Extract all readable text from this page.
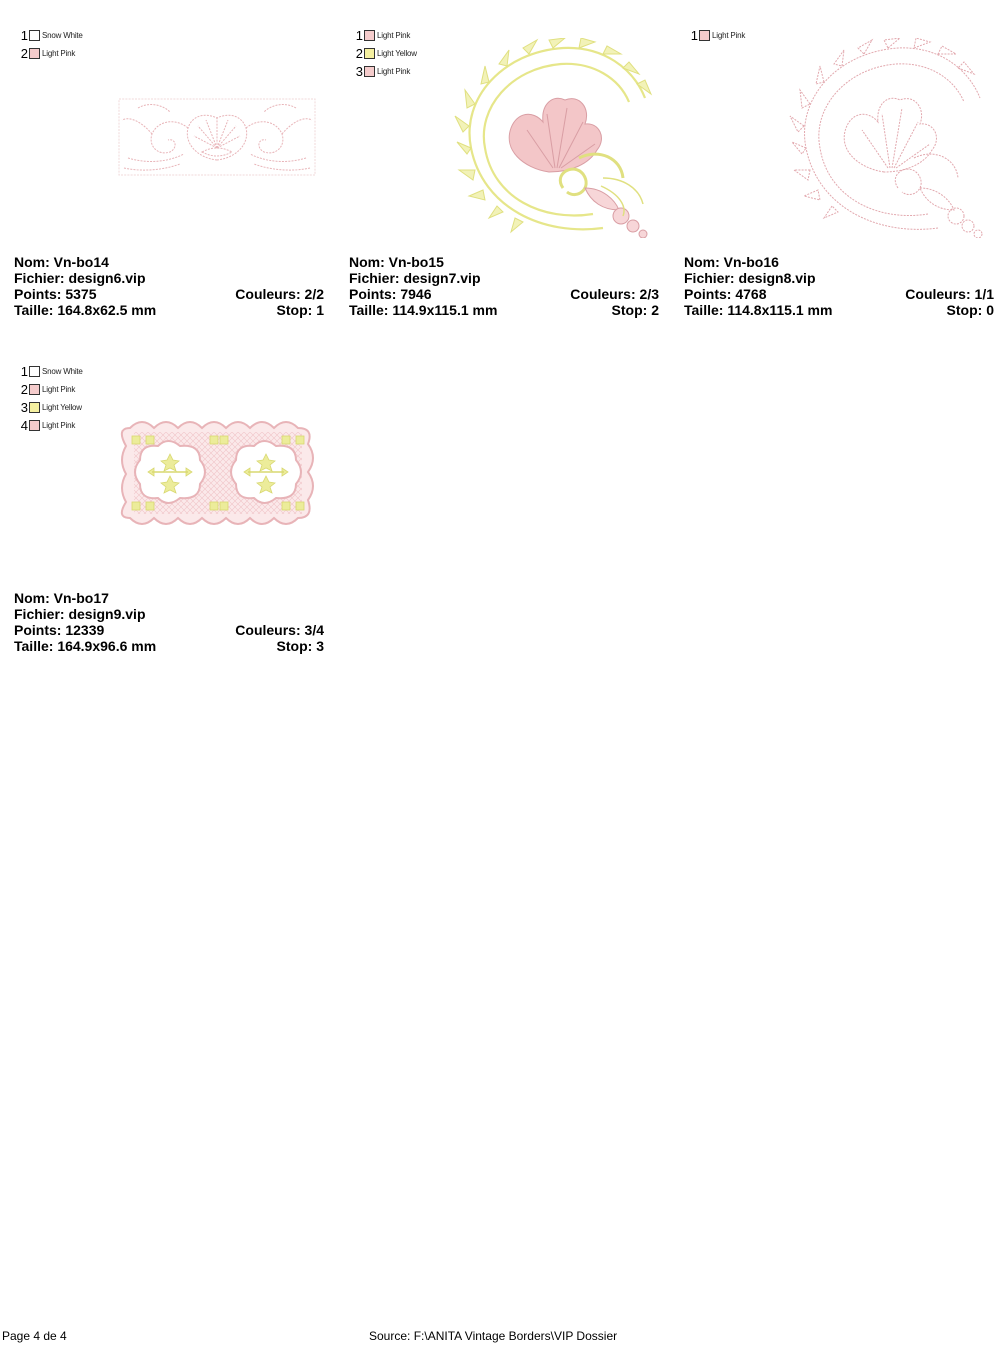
1 Snow White
2 Light Pink
Nom: Vn-bo14
Fichier: design6.vip
Points: 5375	Couleurs: 2/2
Taille: 164.8x62.5 mm	Stop: 1
1 Light Pink
2 Light Yellow
3 Light Pink
Nom: Vn-bo15
Fichier: design7.vip
Points: 7946	Couleurs: 2/3
Taille: 114.9x115.1 mm	Stop: 2
1 Light Pink
Nom: Vn-bo16
Fichier: design8.vip
Points: 4768	Couleurs: 1/1
Taille: 114.8x115.1 mm	Stop: 0
1 Snow White
2 Light Pink
3 Light Yellow
4 Light Pink
Nom: Vn-bo17
Fichier: design9.vip
Points: 12339	Couleurs: 3/4
Taille: 164.9x96.6 mm	Stop: 3
Page 4 de 4	Source: F:\ANITA Vintage Borders\VIP Dossier
